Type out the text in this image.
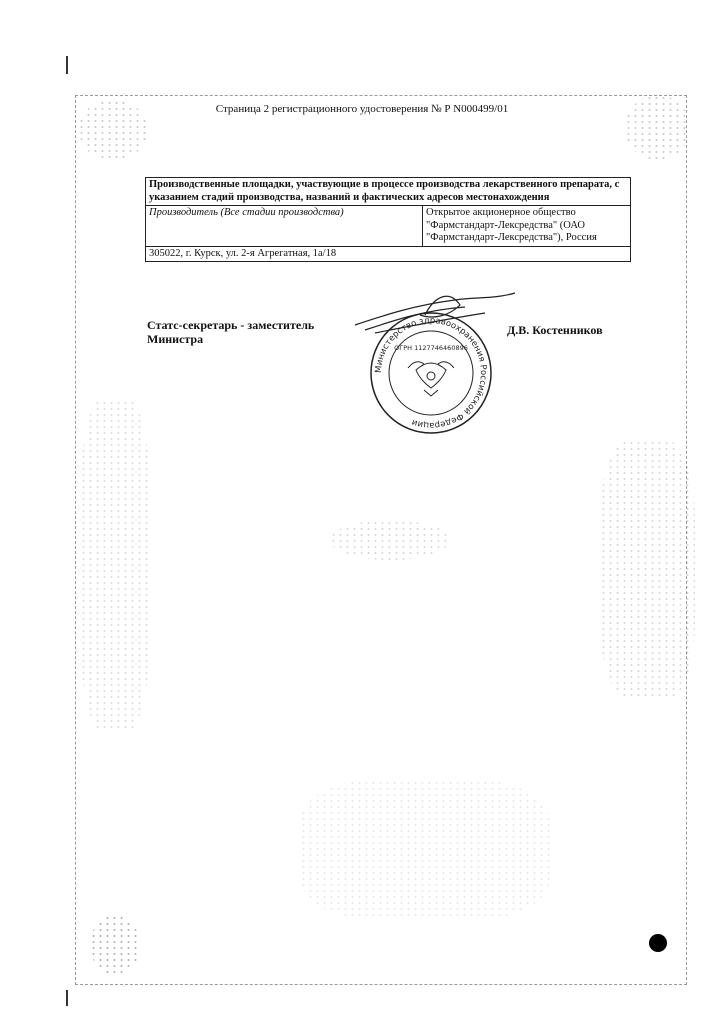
Страница 2 регистрационного удостоверения № Р N000499/01
Производственные площадки, участвующие в процессе производства лекарственного препарата, с указанием стадий производства, названий и фактических адресов местонахождения
Производитель (Все стадии производства)	Открытое акционерное общество "Фармстандарт-Лексредства" (ОАО "Фармстандарт-Лексредства"), Россия
305022, г. Курск, ул. 2-я Агрегатная, 1а/18
Статс-секретарь - заместитель
Министра
Министерство здравоохранения Российской Федерации
ОГРН 1127746460896
Д.В. Костенников
